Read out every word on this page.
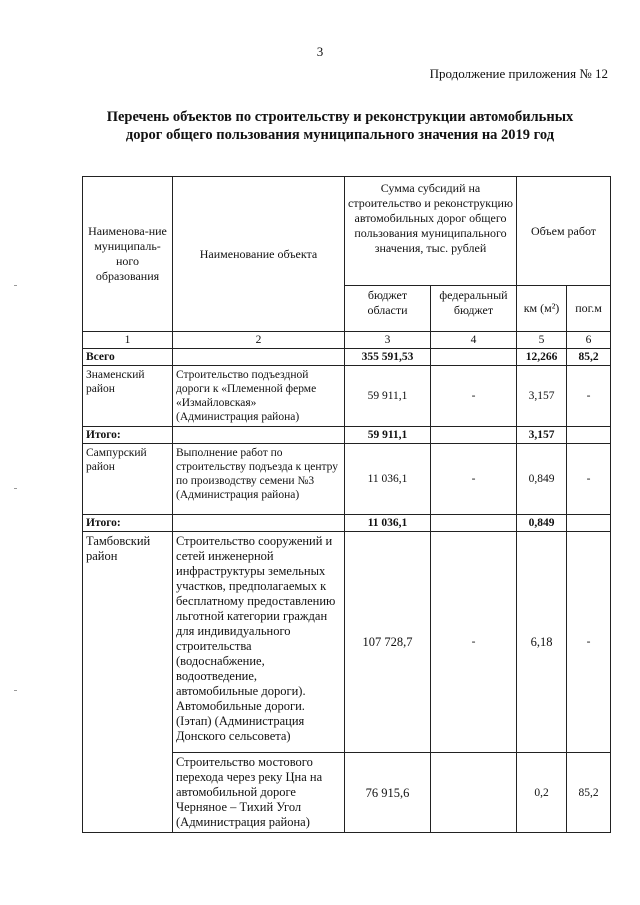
3
Продолжение приложения № 12
Перечень объектов по строительству и реконструкции автомобильных
дорог общего пользования муниципального значения на 2019 год
Наименова-ние муниципаль-ного образования	Наименование объекта	Сумма субсидий на строительство и реконструкцию автомобильных дорог общего пользования муниципального значения, тыс. рублей		Объем работ	
		бюджет области	федеральный бюджет	км (м²)	пог.м
1	2	3	4	5	6
Всего		355 591,53		12,266	85,2
Знаменский район	Строительство подъездной дороги к «Племенной ферме «Измайловская» (Администрация района)	59 911,1	-	3,157	-
Итого:		59 911,1		3,157	
Сампурский район	Выполнение работ по строительству подъезда к центру по производству семени №3 (Администрация района)	11 036,1	-	0,849	-
Итого:		11 036,1		0,849	
Тамбовский район	Строительство сооружений и сетей инженерной инфраструктуры земельных участков, предполагаемых к бесплатному предоставлению льготной категории граждан для индивидуального строительства (водоснабжение, водоотведение, автомобильные дороги). Автомобильные дороги. (Iэтап) (Администрация Донского сельсовета)	107 728,7	-	6,18	-
	Строительство мостового перехода через реку Цна на автомобильной дороге Черняное – Тихий Угол (Администрация района)	76 915,6		0,2	85,2
